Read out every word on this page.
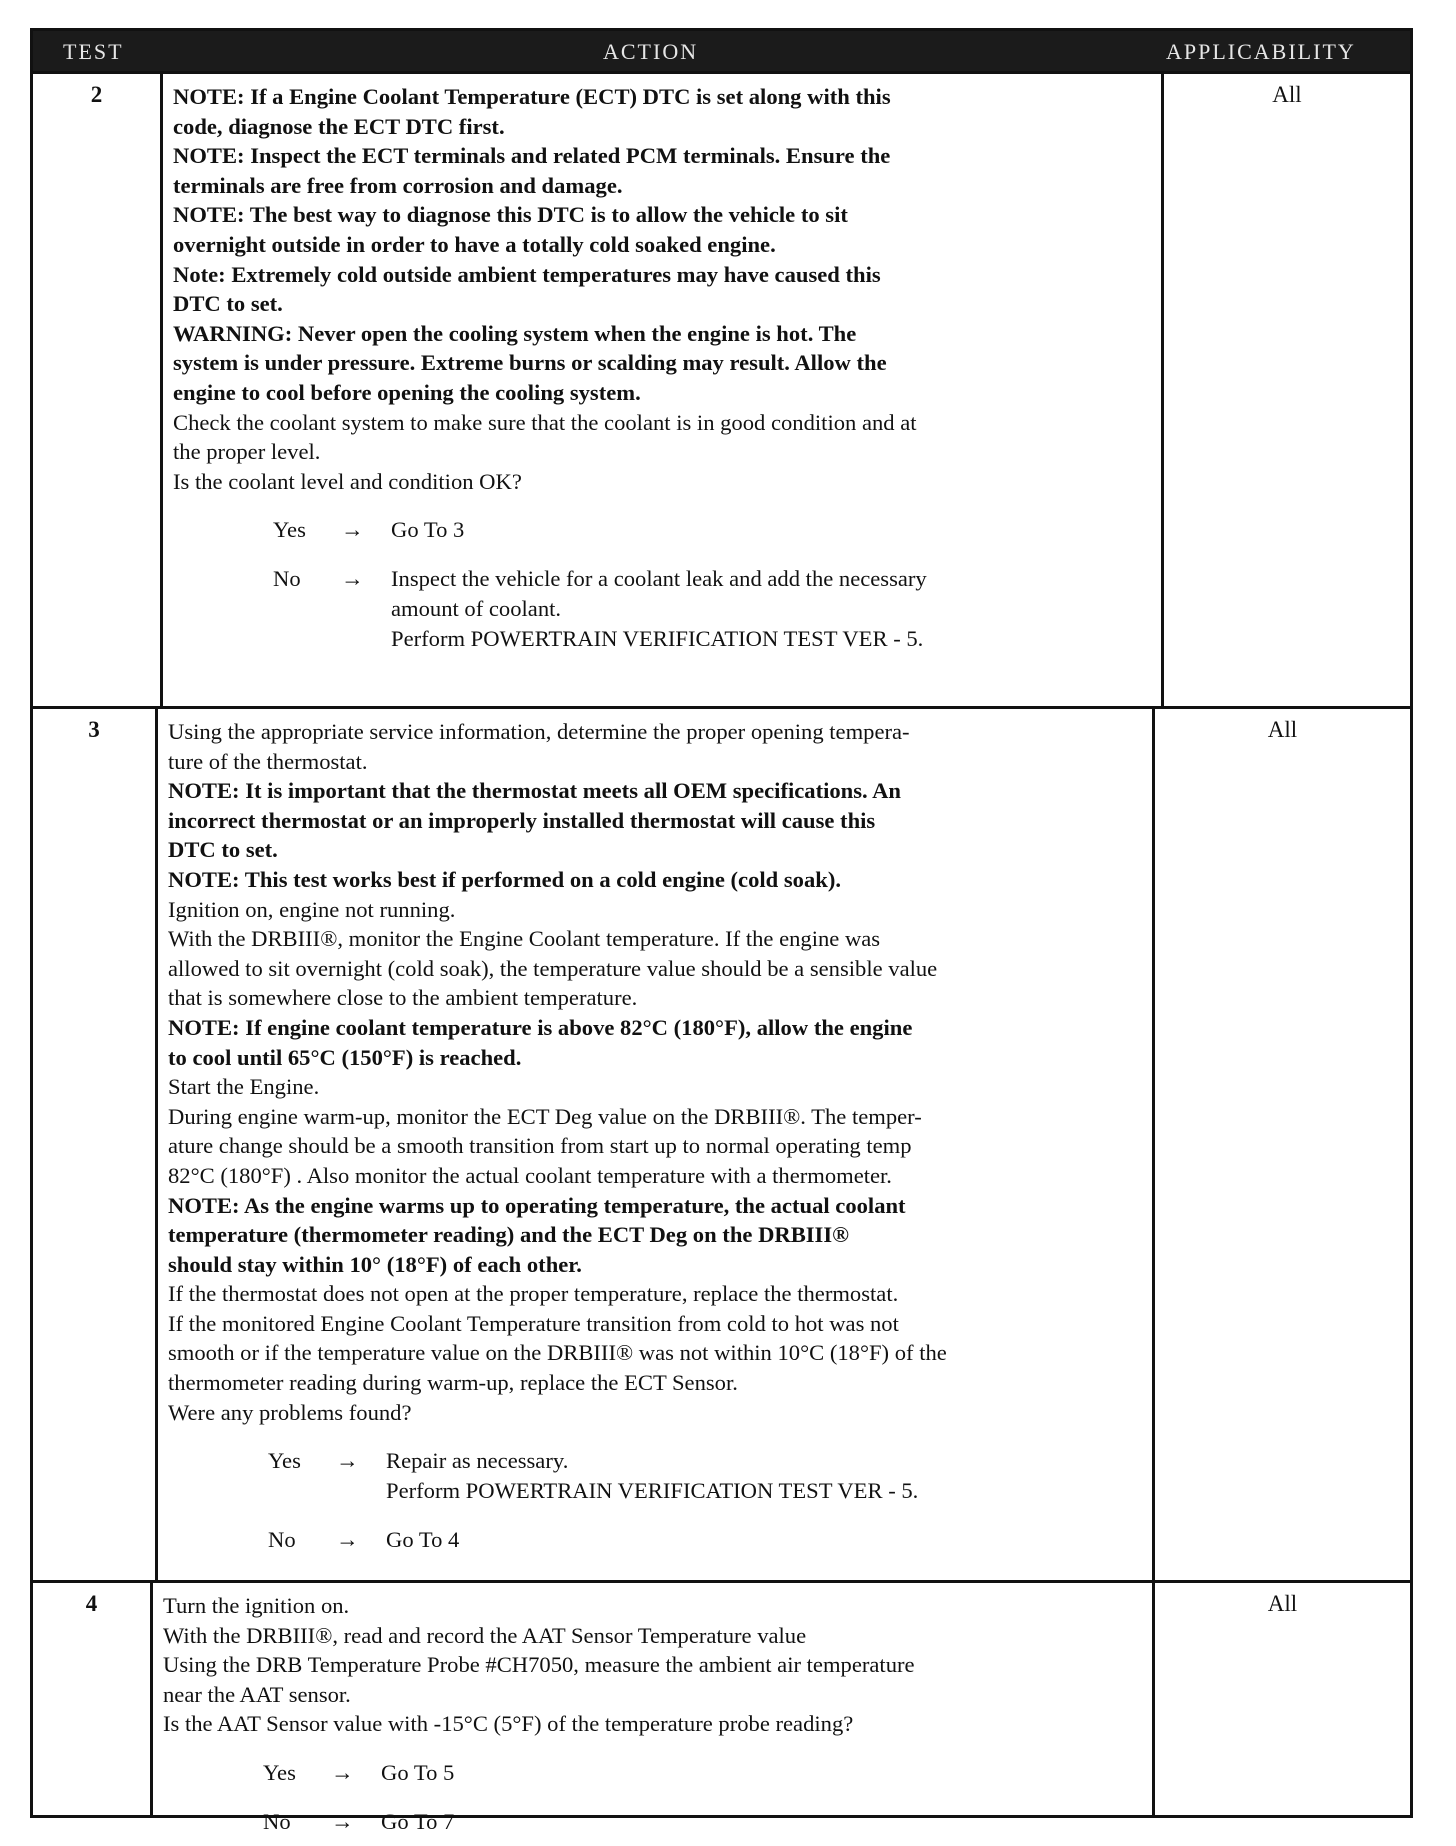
TEST	ACTION	APPLICABILITY
2	NOTE: If a Engine Coolant Temperature (ECT) DTC is set along with this
code, diagnose the ECT DTC first.
NOTE: Inspect the ECT terminals and related PCM terminals. Ensure the
terminals are free from corrosion and damage.
NOTE: The best way to diagnose this DTC is to allow the vehicle to sit
overnight outside in order to have a totally cold soaked engine.
Note: Extremely cold outside ambient temperatures may have caused this
DTC to set.
WARNING: Never open the cooling system when the engine is hot. The
system is under pressure. Extreme burns or scalding may result. Allow the
engine to cool before opening the cooling system.
Check the coolant system to make sure that the coolant is in good condition and at
the proper level.
Is the coolant level and condition OK?
Yes → Go To 3
No → Inspect the vehicle for a coolant leak and add the necessary
amount of coolant.
Perform POWERTRAIN VERIFICATION TEST VER - 5.
All
3	Using the appropriate service information, determine the proper opening tempera-
ture of the thermostat.
NOTE: It is important that the thermostat meets all OEM specifications. An
incorrect thermostat or an improperly installed thermostat will cause this
DTC to set.
NOTE: This test works best if performed on a cold engine (cold soak).
Ignition on, engine not running.
With the DRBIII®, monitor the Engine Coolant temperature. If the engine was
allowed to sit overnight (cold soak), the temperature value should be a sensible value
that is somewhere close to the ambient temperature.
NOTE: If engine coolant temperature is above 82°C (180°F), allow the engine
to cool until 65°C (150°F) is reached.
Start the Engine.
During engine warm-up, monitor the ECT Deg value on the DRBIII®. The temper-
ature change should be a smooth transition from start up to normal operating temp
82°C (180°F) . Also monitor the actual coolant temperature with a thermometer.
NOTE: As the engine warms up to operating temperature, the actual coolant
temperature (thermometer reading) and the ECT Deg on the DRBIII®
should stay within 10° (18°F) of each other.
If the thermostat does not open at the proper temperature, replace the thermostat.
If the monitored Engine Coolant Temperature transition from cold to hot was not
smooth or if the temperature value on the DRBIII® was not within 10°C (18°F) of the
thermometer reading during warm-up, replace the ECT Sensor.
Were any problems found?
Yes → Repair as necessary.
Perform POWERTRAIN VERIFICATION TEST VER - 5.
No → Go To 4
All
4	Turn the ignition on.
With the DRBIII®, read and record the AAT Sensor Temperature value
Using the DRB Temperature Probe #CH7050, measure the ambient air temperature
near the AAT sensor.
Is the AAT Sensor value with -15°C (5°F) of the temperature probe reading?
Yes → Go To 5
No → Go To 7
All
